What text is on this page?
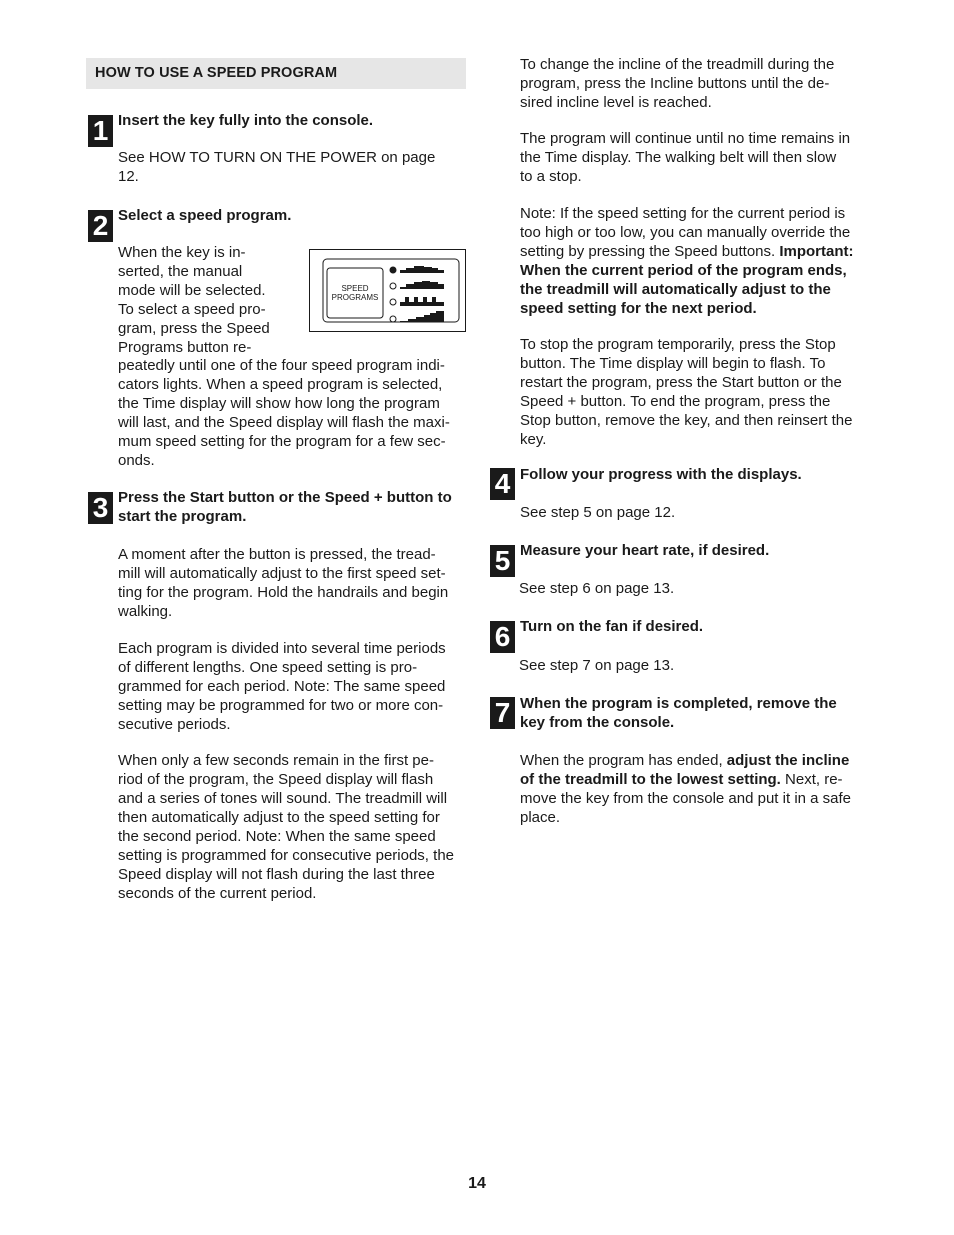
HOW TO USE A SPEED PROGRAM
1 Insert the key fully into the console.
See HOW TO TURN ON THE POWER on page
12.
2 Select a speed program.
When the key is in-
serted, the manual
mode will be selected.
To select a speed pro-
gram, press the Speed
Programs button re-
peatedly until one of the four speed program indi-
cators lights. When a speed program is selected,
the Time display will show how long the program
will last, and the Speed display will flash the maxi-
mum speed setting for the program for a few sec-
onds.
SPEED
PROGRAMS
3 Press the Start button or the Speed + button to
start the program.
A moment after the button is pressed, the tread-
mill will automatically adjust to the first speed set-
ting for the program. Hold the handrails and begin
walking.
Each program is divided into several time periods
of different lengths. One speed setting is pro-
grammed for each period. Note: The same speed
setting may be programmed for two or more con-
secutive periods.
When only a few seconds remain in the first pe-
riod of the program, the Speed display will flash
and a series of tones will sound. The treadmill will
then automatically adjust to the speed setting for
the second period. Note: When the same speed
setting is programmed for consecutive periods, the
Speed display will not flash during the last three
seconds of the current period.
To change the incline of the treadmill during the
program, press the Incline buttons until the de-
sired incline level is reached.
The program will continue until no time remains in
the Time display. The walking belt will then slow
to a stop.
Note: If the speed setting for the current period is
too high or too low, you can manually override the
setting by pressing the Speed buttons. Important:
When the current period of the program ends,
the treadmill will automatically adjust to the
speed setting for the next period.
To stop the program temporarily, press the Stop
button. The Time display will begin to flash. To
restart the program, press the Start button or the
Speed + button. To end the program, press the
Stop button, remove the key, and then reinsert the
key.
4 Follow your progress with the displays.
See step 5 on page 12.
5 Measure your heart rate, if desired.
See step 6 on page 13.
6 Turn on the fan if desired.
See step 7 on page 13.
7 When the program is completed, remove the
key from the console.
When the program has ended, adjust the incline
of the treadmill to the lowest setting. Next, re-
move the key from the console and put it in a safe
place.
14
